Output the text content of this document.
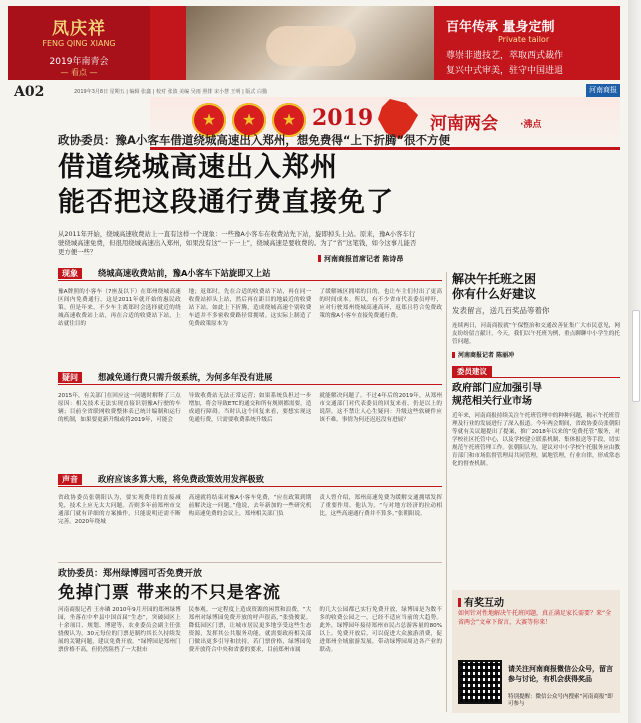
凤庆祥
FENG QING XIANG
2019年南青会
— 看点 —
百年传承 量身定制
Private tailor
尊崇非遗技艺，萃取西式裁作
复兴中式审美，驻守中国进退
A02	2019年3月8日 星期五 | 编辑 张鑫 | 校对 张波 美编 吴雨 照排 宋小慧 王明 | 版式 白猫	河南商报
★	★	★ 2019	河南两会 ·沸点
政协委员：豫A小客车借道绕城高速出入郑州，想免费得“上下折腾”很不方便
借道绕城高速出入郑州
能否把这段通行费直接免了
从2011年开始，绕城高速收费站上一直有这样一个现象：一些豫A小客车在收费站先下站，旋即掉头上站。原来，豫A小客车行驶绕城高速免费，但很用绕城高速出入郑州，如果没有这“一下一上”，绕城高速是要收费的。为了“省”这笔钱，如今这事儿能否更方便一些？
河南商报首席记者 陈诗昂
现象	绕城高速收费站前，豫A小客车下站旋即又上站
豫A牌照的小客车（7座及以下）在郑州绕城高速区间内免费通行，这是2011年就开始的惠民政策。但是年来，不少车主离郑时会选择就近的绕城高速收费站上站，再在合适的收费站下站，上站就往目的
地；返郑时，先在合适的收费站下站，再在同一收费站掉头上站，然后再在距目的地最近的收费站下站。如此上下折腾，造成绕城高速个别收费车道并不多密收费路径常拥堵。这实际上制造了免费政策原本为
了缓解城区拥堵的目的，也让车主们付出了更高的时间成本。所以，有不少省市代表委员呼吁，应对行驶郑州绕城高速高环，返郑且符合免费政策的豫A小客车直接免费通行费。
疑问	想减免通行费只需升级系统，为何多年没有进展
2015年，有关部门在回应这一问题时解释了三点原因：相关技术无法实现直接识别豫A行驶的车辆；目前全省联网收费整体表已统计编制和运行的机制，如果要更新升级或将2019年，可能会
导致收费站无法正常运营；如果系统负担过一步增加，将会导致ETC的通交和所有规则都需要，造成通行障碍。当时认这个回复来看，要想实现这免通行费，只需要收费系统升级后
就能解决问题了。不过4年后的2019年，从郑州市交通部门对代表委员的回复来看，仍是以上的说辞，这不禁让人心生疑问：升级这些软硬件应该不难，事情为何还迟迟没有进展？
声音	政府应该多算大账，将免费政策效用发挥极致
省政协委员张朝阳认为，要实现费用的直接减免，技术上应无太大问题。否则多年前郑州市交通部门就有详细的方案操作，只能说明还需不断完善。2020年绕城
高速就将结束对豫A小客车免费，“应在政策到期前解决这一问题。”他说，去年新加的一些研究机构高速免费的会议上，郑州相关部门负
责人曾介绍，郑州高速免费为缓解交通拥堵发挥了重要作用。他认为，“与对地方经济的拉动相比，这些高速通行费并不算多。”张朝阳说。
政协委员：郑州绿博园可否免费开放
免掉门票 带来的不只是客流
河南商报记者 王亦璘 2010年9月开园的郑州绿博园，坐落在中牟县中国首届“生态”，突破园区上十余项目、规划、博建等，农业委员会副主任张骁俊认为，30元每位的门票是制约其长久持续发展的关键问题，建议免费开放。“绿博园是郑州门票价格不高，但仍然阻挡了一大批市
民参观。一定程度上造成资源的闲置和浪费，“大郑州对绿博园免费开放的呼声很高，”张骁俊说。降低园区门票，让城市居民更多地享受这些生态资源，发挥其公共服务功能，就需要政府相关部门做出更多引导和扶持。若门票价格，绿博园免费开放符合中央和省委的要求，目前郑州市属
的几大公园都已实行免费开放，绿博园是为数不多的收费公园之一，已经不适应当前的大趋势。此外，绿博园年接待郑州市民占总游客量的80%以上。免费开放后，可以促进大众旅游消费，促进郑州全域旅游发展，带动绿博园周边各产业的联动。
解决午托班之困
你有什么好建议
发表留言，送几百奖品等着你
连续两日，河南商报就“午保整治和交通改善征集广大市民意见，网友纷纷留言献计。今天，我们以午托班为例，重点聊聊中小学生的托管问题。
河南商报记者 陈丽冲
委员建议
政府部门应加强引导
规范相关行业市场
近年来，河南商报持续关注午托班管理中的种种问题，揭示午托班管理及行业的发展进行了深入报道。今年两会期间，省政协委员张朝阳等就有关议题提出了提案，推广2018年以来的“免费托管”服务，对学校社区托管中心，以及学校建立联系机制、集体报送等手段，切实规范午托班管理工作。张朝阳认为，建议对中小学校午托服务应由教育部门和市场监督管理局共同管理，属地管理，行业自律，形成常态化的督查机制。
有奖互动
如何针对性地解决午托班问题，真正满足家长需要？来“全省两会”文章下留言，大赛等你来！
请关注河南商报微信公众号，留言参与讨论，有机会获得奖品
特别提醒：微信公众号内搜索“河南商报”即可参与
